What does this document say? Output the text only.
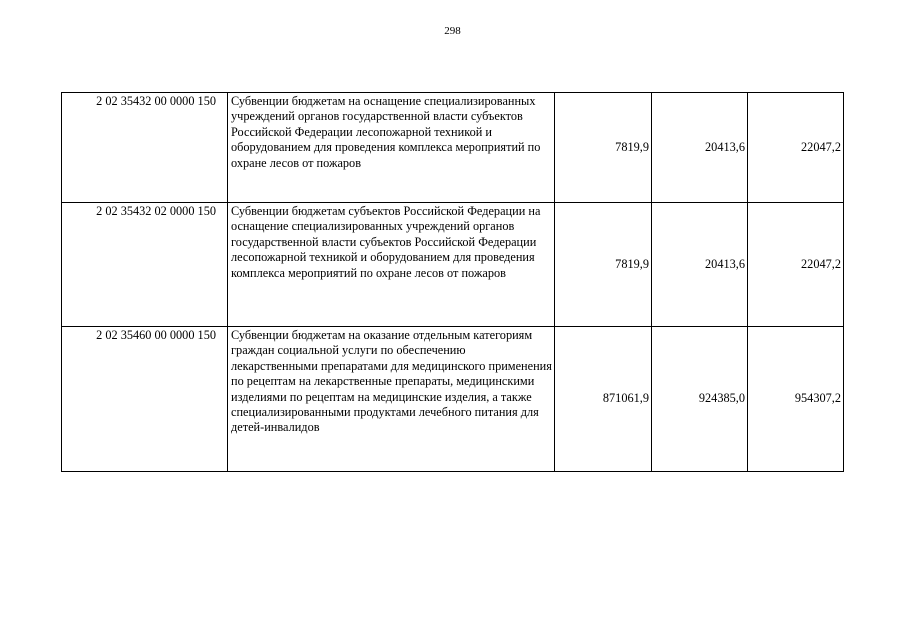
298
2 02 35432 00 0000 150	Субвенции бюджетам на оснащение специализированных учреждений органов государственной власти субъектов Российской Федерации лесопожарной техникой и оборудованием для проведения комплекса мероприятий по охране лесов от пожаров	7819,9	20413,6	22047,2
2 02 35432 02 0000 150	Субвенции бюджетам субъектов Российской Федерации на оснащение специализированных учреждений органов государственной власти субъектов Российской Федерации лесопожарной техникой и оборудованием для проведения комплекса мероприятий по охране лесов от пожаров	7819,9	20413,6	22047,2
2 02 35460 00 0000 150	Субвенции бюджетам на оказание отдельным категориям граждан социальной услуги по обеспечению лекарственными препаратами для медицинского применения по рецептам на лекарственные препараты, медицинскими изделиями по рецептам на медицинские изделия, а также специализированными продуктами лечебного питания для детей-инвалидов	871061,9	924385,0	954307,2
